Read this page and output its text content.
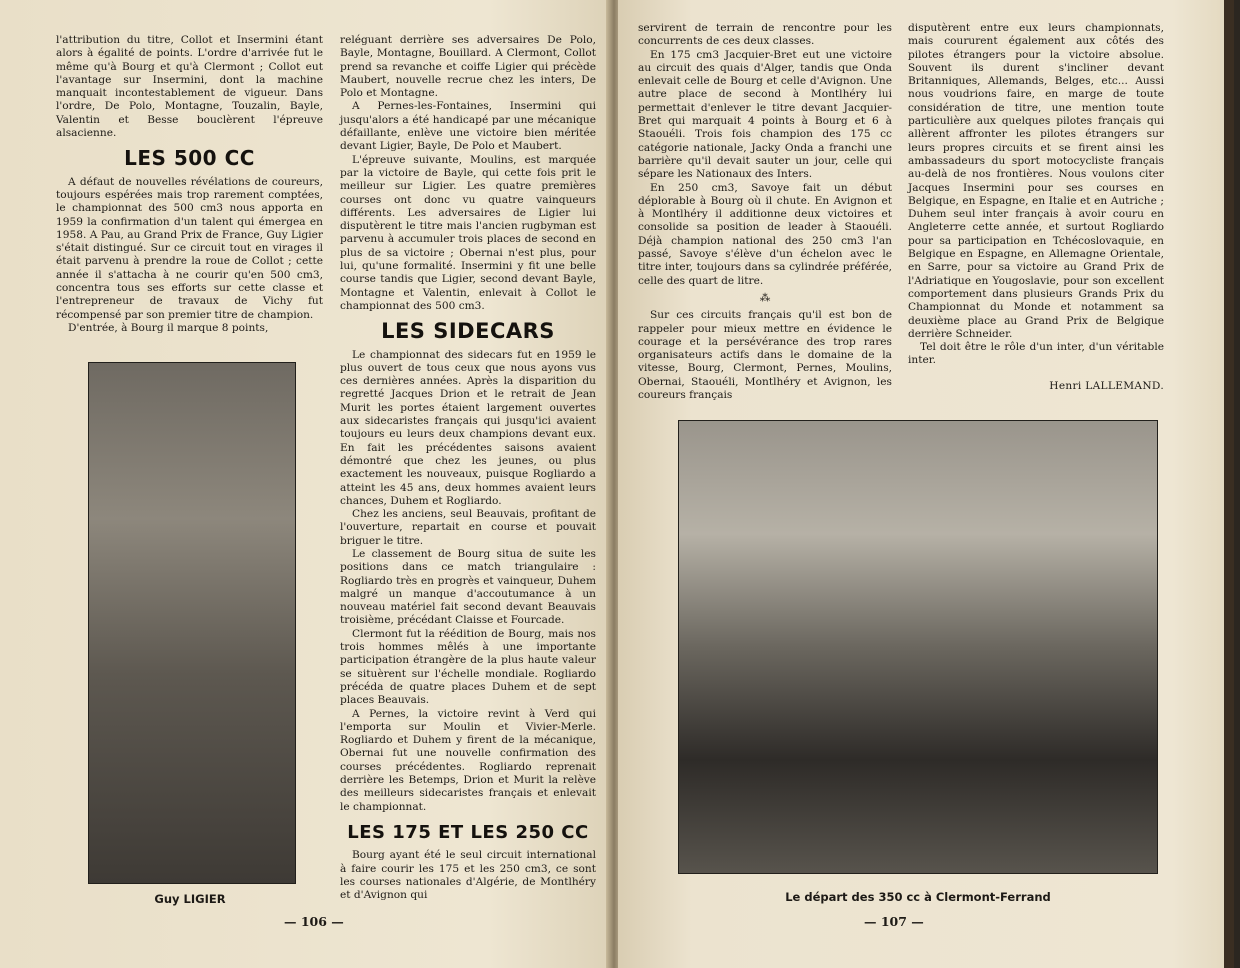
l'attribution du titre, Collot et Insermini étant alors à égalité de points. L'ordre d'arrivée fut le même qu'à Bourg et qu'à Clermont ; Collot eut l'avantage sur Insermini, dont la machine manquait incontestablement de vigueur. Dans l'ordre, De Polo, Montagne, Touzalin, Bayle, Valentin et Besse bouclèrent l'épreuve alsacienne.

LES 500 CC

A défaut de nouvelles révélations de coureurs, toujours espérées mais trop rarement comptées, le championnat des 500 cm3 nous apporta en 1959 la confirmation d'un talent qui émergea en 1958. A Pau, au Grand Prix de France, Guy Ligier s'était distingué. Sur ce circuit tout en virages il était parvenu à prendre la roue de Collot ; cette année il s'attacha à ne courir qu'en 500 cm3, concentra tous ses efforts sur cette classe et l'entrepreneur de travaux de Vichy fut récompensé par son premier titre de champion.

D'entrée, à Bourg il marque 8 points,

Guy LIGIER

reléguant derrière ses adversaires De Polo, Bayle, Montagne, Bouillard. A Clermont, Collot prend sa revanche et coiffe Ligier qui précède Maubert, nouvelle recrue chez les inters, De Polo et Montagne.

A Pernes-les-Fontaines, Insermini qui jusqu'alors a été handicapé par une mécanique défaillante, enlève une victoire bien méritée devant Ligier, Bayle, De Polo et Maubert.

L'épreuve suivante, Moulins, est marquée par la victoire de Bayle, qui cette fois prit le meilleur sur Ligier. Les quatre premières courses ont donc vu quatre vainqueurs différents. Les adversaires de Ligier lui disputèrent le titre mais l'ancien rugbyman est parvenu à accumuler trois places de second en plus de sa victoire ; Obernai n'est plus, pour lui, qu'une formalité. Insermini y fit une belle course tandis que Ligier, second devant Bayle, Montagne et Valentin, enlevait à Collot le championnat des 500 cm3.

LES SIDECARS

Le championnat des sidecars fut en 1959 le plus ouvert de tous ceux que nous ayons vus ces dernières années. Après la disparition du regretté Jacques Drion et le retrait de Jean Murit les portes étaient largement ouvertes aux sidecaristes français qui jusqu'ici avaient toujours eu leurs deux champions devant eux. En fait les précédentes saisons avaient démontré que chez les jeunes, ou plus exactement les nouveaux, puisque Rogliardo a atteint les 45 ans, deux hommes avaient leurs chances, Duhem et Rogliardo.

Chez les anciens, seul Beauvais, profitant de l'ouverture, repartait en course et pouvait briguer le titre.

Le classement de Bourg situa de suite les positions dans ce match triangulaire : Rogliardo très en progrès et vainqueur, Duhem malgré un manque d'accoutumance à un nouveau matériel fait second devant Beauvais troisième, précédant Claisse et Fourcade.

Clermont fut la réédition de Bourg, mais nos trois hommes mêlés à une importante participation étrangère de la plus haute valeur se situèrent sur l'échelle mondiale. Rogliardo précéda de quatre places Duhem et de sept places Beauvais.

A Pernes, la victoire revint à Verd qui l'emporta sur Moulin et Vivier-Merle. Rogliardo et Duhem y firent de la mécanique, Obernai fut une nouvelle confirmation des courses précédentes. Rogliardo reprenait derrière les Betemps, Drion et Murit la relève des meilleurs sidecaristes français et enlevait le championnat.

LES 175 ET LES 250 CC

Bourg ayant été le seul circuit international à faire courir les 175 et les 250 cm3, ce sont les courses nationales d'Algérie, de Montlhéry et d'Avignon qui

— 106 —

servirent de terrain de rencontre pour les concurrents de ces deux classes.

En 175 cm3 Jacquier-Bret eut une victoire au circuit des quais d'Alger, tandis que Onda enlevait celle de Bourg et celle d'Avignon. Une autre place de second à Montlhéry lui permettait d'enlever le titre devant Jacquier-Bret qui marquait 4 points à Bourg et 6 à Staouéli. Trois fois champion des 175 cc catégorie nationale, Jacky Onda a franchi une barrière qu'il devait sauter un jour, celle qui sépare les Nationaux des Inters.

En 250 cm3, Savoye fait un début déplorable à Bourg où il chute. En Avignon et à Montlhéry il additionne deux victoires et consolide sa position de leader à Staouéli. Déjà champion national des 250 cm3 l'an passé, Savoye s'élève d'un échelon avec le titre inter, toujours dans sa cylindrée préférée, celle des quart de litre.

⁂

Sur ces circuits français qu'il est bon de rappeler pour mieux mettre en évidence le courage et la persévérance des trop rares organisateurs actifs dans le domaine de la vitesse, Bourg, Clermont, Pernes, Moulins, Obernai, Staouéli, Montlhéry et Avignon, les coureurs français

disputèrent entre eux leurs championnats, mais coururent également aux côtés des pilotes étrangers pour la victoire absolue. Souvent ils durent s'incliner devant Britanniques, Allemands, Belges, etc... Aussi nous voudrions faire, en marge de toute considération de titre, une mention toute particulière aux quelques pilotes français qui allèrent affronter les pilotes étrangers sur leurs propres circuits et se firent ainsi les ambassadeurs du sport motocycliste français au-delà de nos frontières. Nous voulons citer Jacques Insermini pour ses courses en Belgique, en Espagne, en Italie et en Autriche ; Duhem seul inter français à avoir couru en Angleterre cette année, et surtout Rogliardo pour sa participation en Tchécoslovaquie, en Belgique en Espagne, en Allemagne Orientale, en Sarre, pour sa victoire au Grand Prix de l'Adriatique en Yougoslavie, pour son excellent comportement dans plusieurs Grands Prix du Championnat du Monde et notamment sa deuxième place au Grand Prix de Belgique derrière Schneider.

Tel doit être le rôle d'un inter, d'un véritable inter.

Henri LALLEMAND.
Le départ des 350 cc à Clermont-Ferrand
— 107 —
